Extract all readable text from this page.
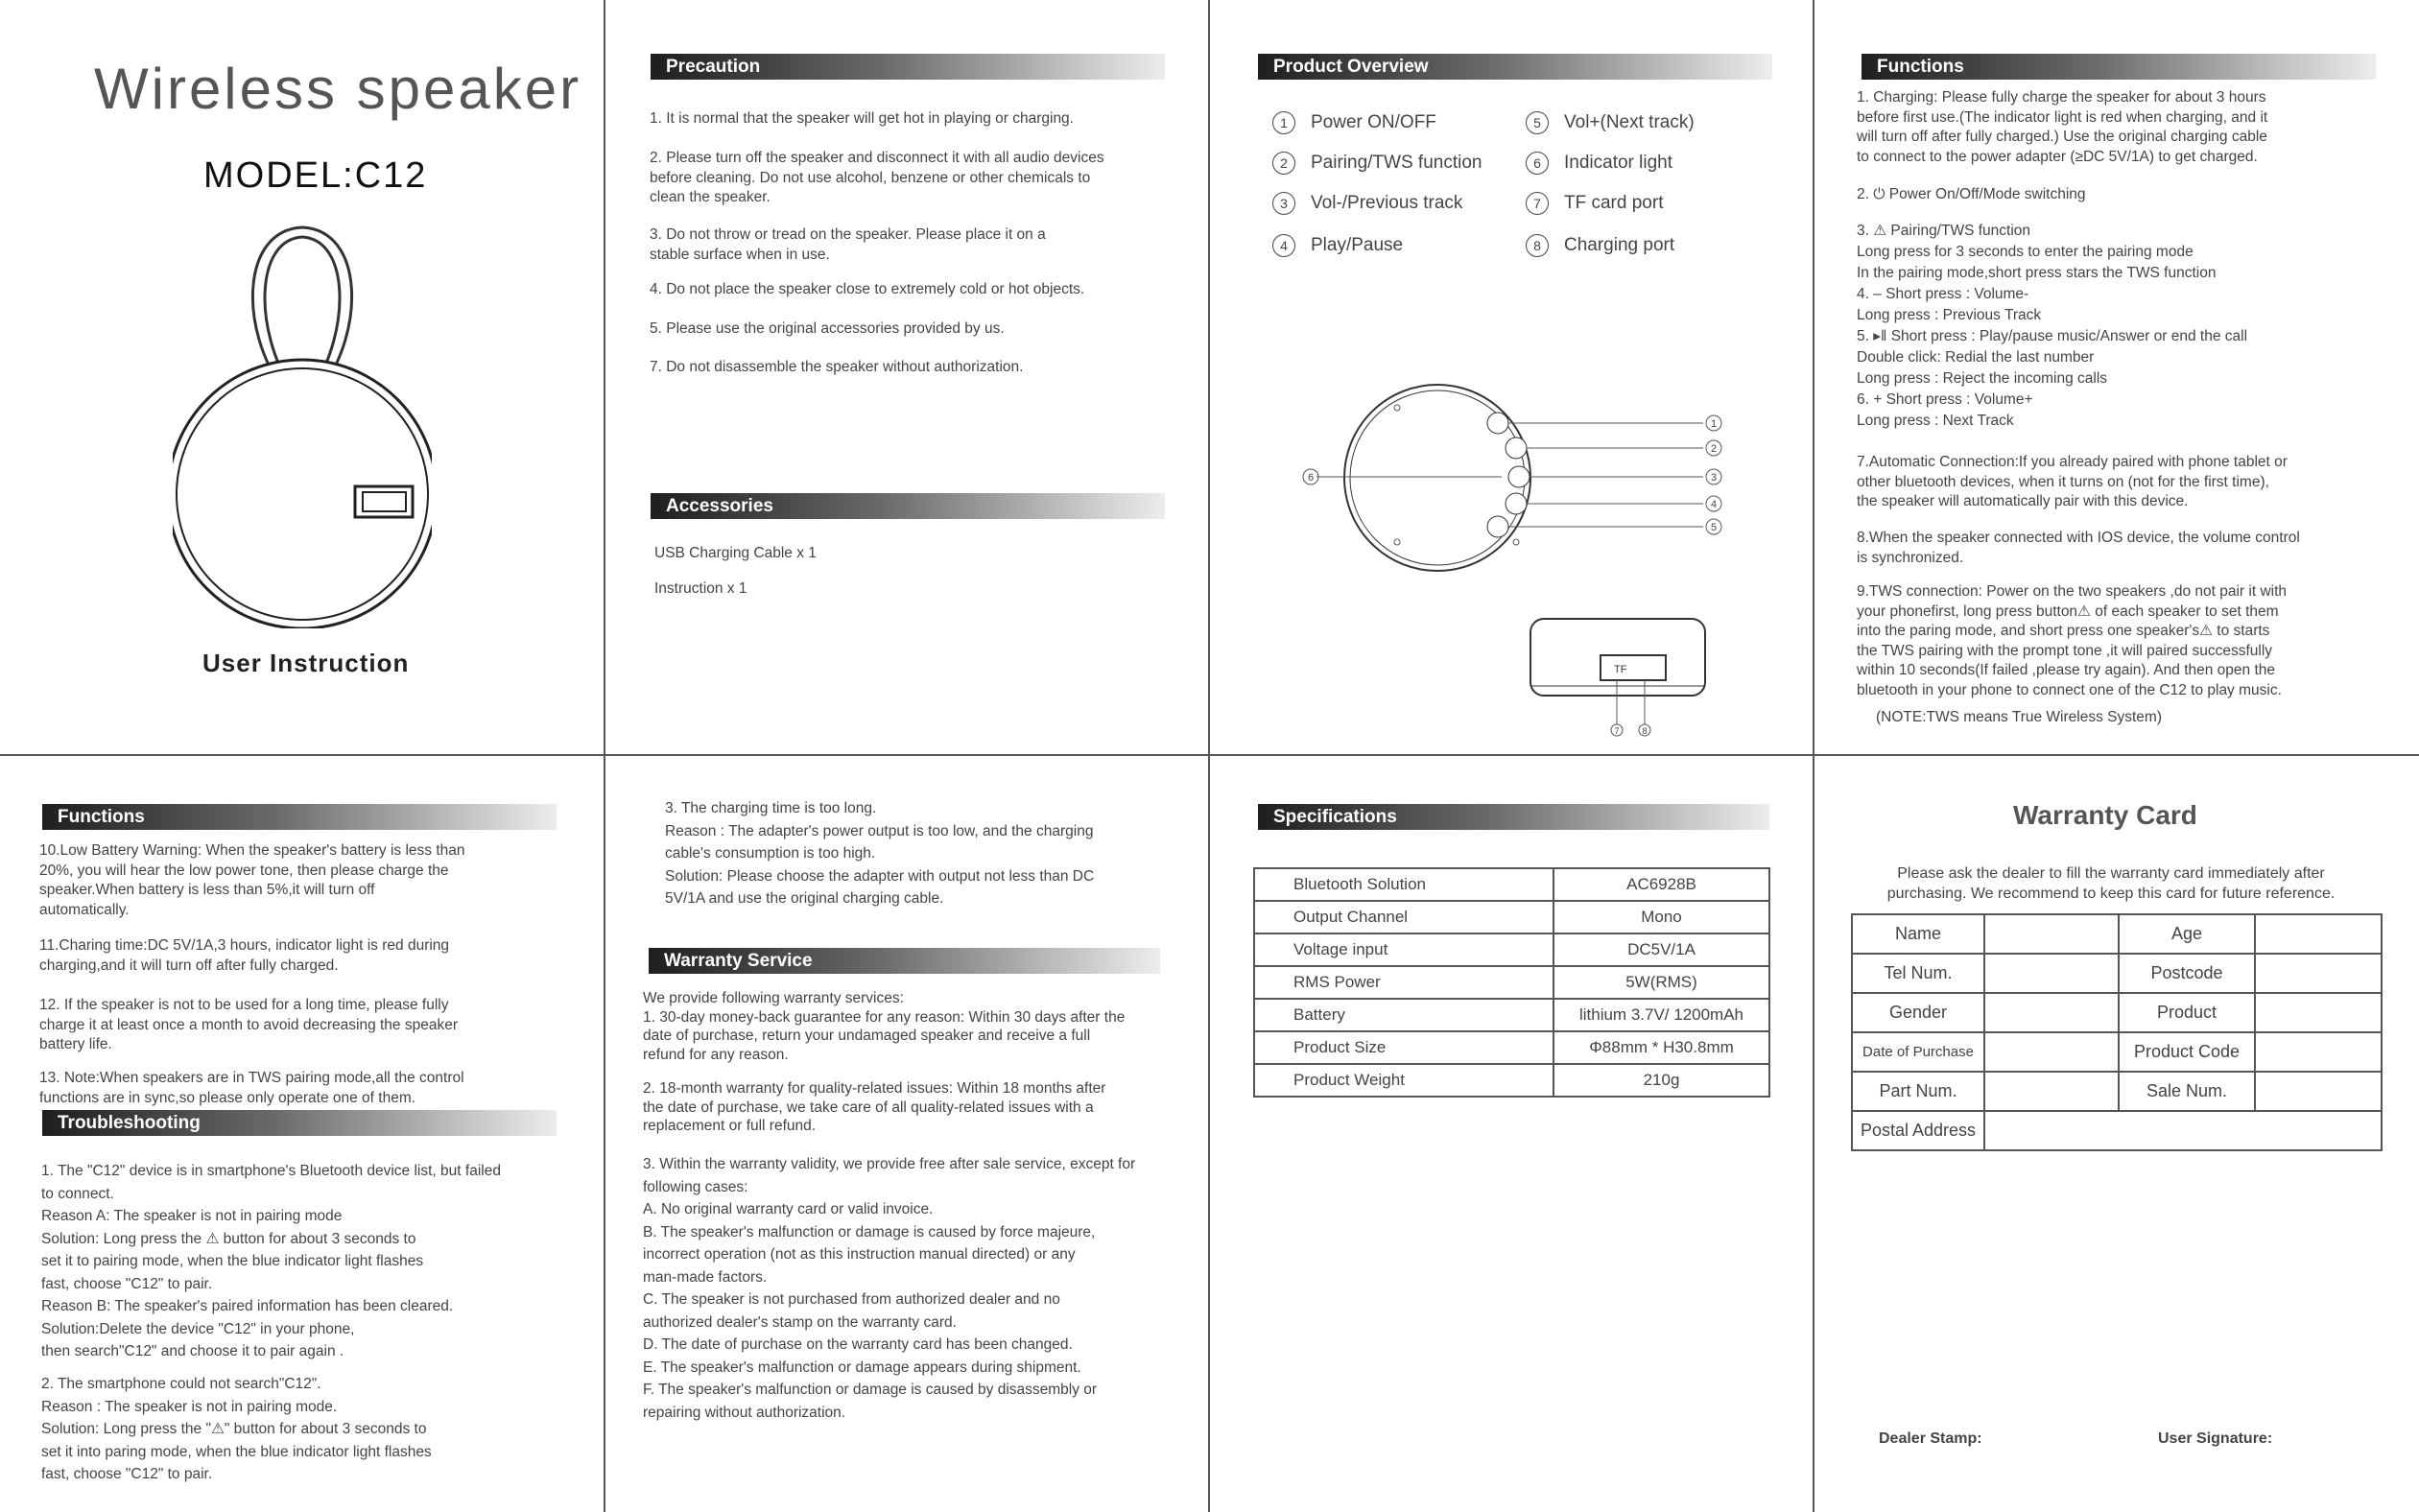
Wireless speaker
MODEL:C12
User Instruction
Precaution
1. It is normal that the speaker will get hot in playing or charging.
2. Please turn off the speaker and disconnect it with all audio devices
before cleaning. Do not use alcohol, benzene or other chemicals to
clean the speaker.
3. Do not throw or tread on the speaker. Please place it on a
stable surface when in use.
4. Do not place the speaker close to extremely cold or hot objects.
5. Please use the original accessories provided by us.
7. Do not disassemble the speaker without authorization.
Accessories
USB Charging Cable x 1
Instruction x 1
Product Overview
1 Power ON/OFF
2 Pairing/TWS function
3 Vol-/Previous track
4 Play/Pause
5 Vol+(Next track)
6 Indicator light
7 TF card port
8 Charging port
1
2
3
4
5
6
TF
7	8
Functions
1. Charging: Please fully charge the speaker for about 3 hours
before first use.(The indicator light is red when charging, and it
will turn off after fully charged.) Use the original charging cable
to connect to the power adapter (≥DC 5V/1A) to get charged.
2. ⏻ Power On/Off/Mode switching
3. ⚠ Pairing/TWS function
Long press for 3 seconds to enter the pairing mode
In the pairing mode,short press stars the TWS function
4. – Short press : Volume-
Long press : Previous Track
5. ▸‖ Short press : Play/pause music/Answer or end the call
Double click: Redial the last number
Long press : Reject the incoming calls
6. + Short press : Volume+
Long press : Next Track
7.Automatic Connection:If you already paired with phone tablet or
other bluetooth devices, when it turns on (not for the first time),
the speaker will automatically pair with this device.
8.When the speaker connected with IOS device, the volume control
is synchronized.
9.TWS connection: Power on the two speakers ,do not pair it with
your phonefirst, long press button⚠ of each speaker to set them
into the paring mode, and short press one speaker's⚠ to starts
the TWS pairing with the prompt tone ,it will paired successfully
within 10 seconds(If failed ,please try again). And then open the
bluetooth in your phone to connect one of the C12 to play music.
(NOTE:TWS means True Wireless System)
Functions
10.Low Battery Warning: When the speaker's battery is less than
20%, you will hear the low power tone, then please charge the
speaker.When battery is less than 5%,it will turn off
automatically.
11.Charing time:DC 5V/1A,3 hours, indicator light is red during
charging,and it will turn off after fully charged.
12. If the speaker is not to be used for a long time, please fully
charge it at least once a month to avoid decreasing the speaker
battery life.
13. Note:When speakers are in TWS pairing mode,all the control
functions are in sync,so please only operate one of them.
Troubleshooting
1. The "C12" device is in smartphone's Bluetooth device list, but failed
to connect.
Reason A: The speaker is not in pairing mode
Solution: Long press the ⚠ button for about 3 seconds to
set it to pairing mode, when the blue indicator light flashes
fast, choose "C12" to pair.
Reason B: The speaker's paired information has been cleared.
Solution:Delete the device "C12" in your phone,
then search"C12" and choose it to pair again .
2. The smartphone could not search"C12".
Reason : The speaker is not in pairing mode.
Solution: Long press the "⚠" button for about 3 seconds to
set it into paring mode, when the blue indicator light flashes
fast, choose "C12" to pair.
3. The charging time is too long.
Reason : The adapter's power output is too low, and the charging
cable's consumption is too high.
Solution: Please choose the adapter with output not less than DC
5V/1A and use the original charging cable.
Warranty Service
We provide following warranty services:
1. 30-day money-back guarantee for any reason: Within 30 days after the
date of purchase, return your undamaged speaker and receive a full
refund for any reason.
2. 18-month warranty for quality-related issues: Within 18 months after
the date of purchase, we take care of all quality-related issues with a
replacement or full refund.
3. Within the warranty validity, we provide free after sale service, except for
following cases:
A. No original warranty card or valid invoice.
B. The speaker's malfunction or damage is caused by force majeure,
incorrect operation (not as this instruction manual directed) or any
man-made factors.
C. The speaker is not purchased from authorized dealer and no
authorized dealer's stamp on the warranty card.
D. The date of purchase on the warranty card has been changed.
E. The speaker's malfunction or damage appears during shipment.
F. The speaker's malfunction or damage is caused by disassembly or
repairing without authorization.
Specifications
Bluetooth Solution	AC6928B
Output Channel	Mono
Voltage input	DC5V/1A
RMS Power	5W(RMS)
Battery	lithium 3.7V/ 1200mAh
Product Size	Φ88mm * H30.8mm
Product Weight	210g
Warranty Card
Please ask the dealer to fill the warranty card immediately after
purchasing. We recommend to keep this card for future reference.
Name		Age	
Tel Num.		Postcode	
Gender		Product	
Date of Purchase		Product Code	
Part Num.		Sale Num.	
Postal Address			
Dealer Stamp:	User Signature:
